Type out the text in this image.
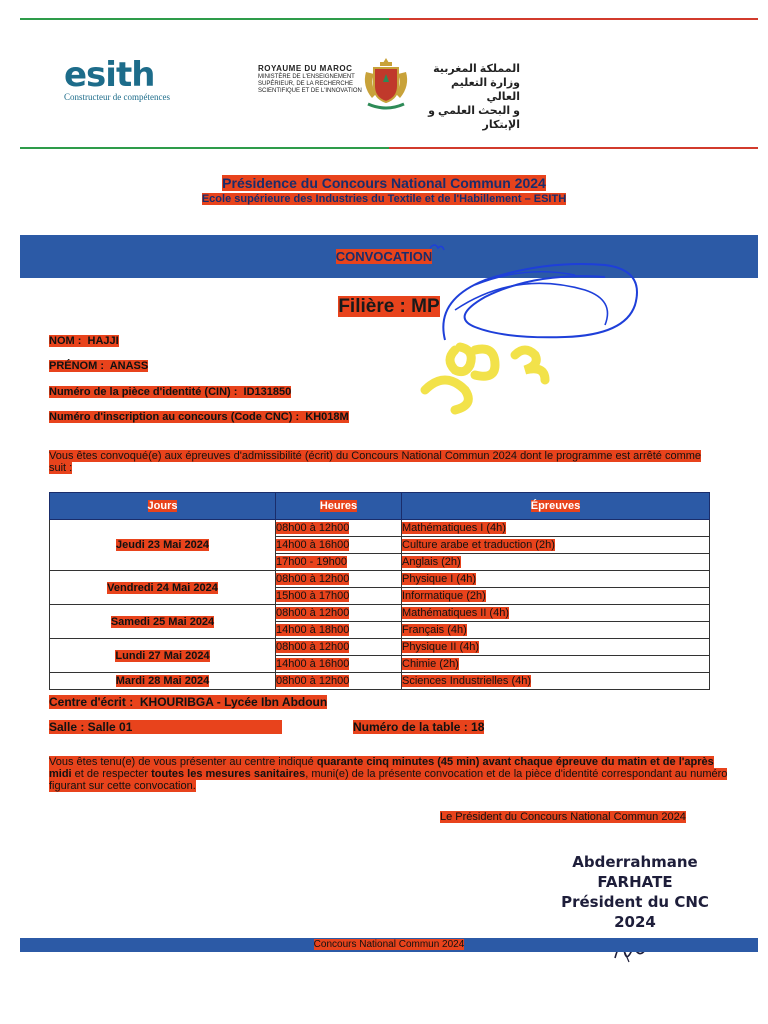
esith
Constructeur de compétences
ROYAUME DU MAROC
MINISTÈRE DE L'ENSEIGNEMENT
SUPÉRIEUR, DE LA RECHERCHE
SCIENTIFIQUE ET DE L'INNOVATION
المملكة المغربية
وزارة التعليم العالي
و البحث العلمي و الإبتكار
Présidence du Concours National Commun 2024
Ecole supérieure des Industries du Textile et de l'Habillement – ESITH
CONVOCATION
Filière : MP
NOM : HAJJI
PRÉNOM : ANASS
Numéro de la pièce d'identité (CIN) : ID131850
Numéro d'inscription au concours (Code CNC) : KH018M
Vous êtes convoqué(e) aux épreuves d'admissibilité (écrit) du Concours National Commun 2024 dont le programme est arrêté comme suit :
Jours	Heures	Épreuves
Jeudi 23 Mai 2024	08h00 à 12h00	Mathématiques I (4h)
	14h00 à 16h00	Culture arabe et traduction (2h)
	17h00 - 19h00	Anglais (2h)
Vendredi 24 Mai 2024	08h00 à 12h00	Physique I (4h)
	15h00 à 17h00	Informatique (2h)
Samedi 25 Mai 2024	08h00 à 12h00	Mathématiques II (4h)
	14h00 à 18h00	Français (4h)
Lundi 27 Mai 2024	08h00 à 12h00	Physique II (4h)
	14h00 à 16h00	Chimie (2h)
Mardi 28 Mai 2024	08h00 à 12h00	Sciences Industrielles (4h)
Centre d'écrit : KHOURIBGA - Lycée Ibn Abdoun
Salle : Salle 01	Numéro de la table : 18
Vous êtes tenu(e) de vous présenter au centre indiqué quarante cinq minutes (45 min) avant chaque épreuve du matin et de l'après midi et de respecter toutes les mesures sanitaires, muni(e) de la présente convocation et de la pièce d'identité correspondant au numéro figurant sur cette convocation.
Le Président du Concours National Commun 2024
Abderrahmane FARHATE
Président du CNC 2024
Concours National Commun 2024
